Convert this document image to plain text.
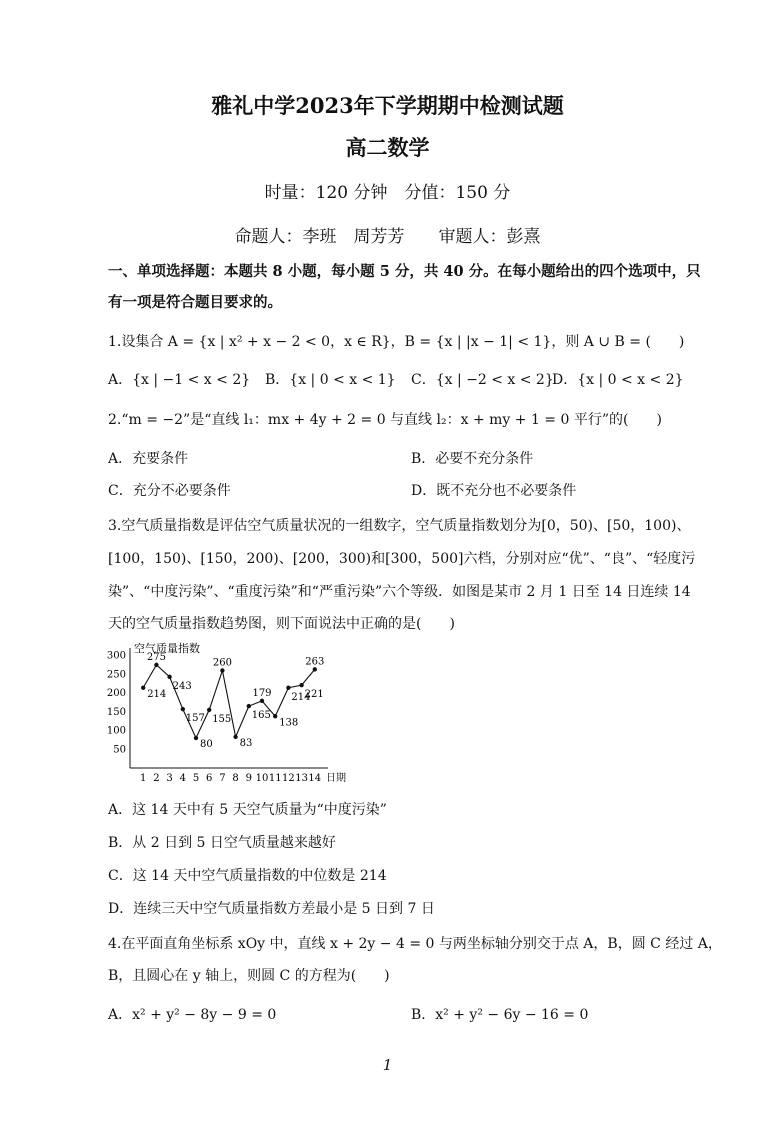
雅礼中学2023年下学期期中检测试题
高二数学
时量：120 分钟　分值：150 分
命题人：李班　周芳芳　　审题人：彭熹
一、单项选择题：本题共 8 小题，每小题 5 分，共 40 分。在每小题给出的四个选项中，只
有一项是符合题目要求的。
1.设集合 A = {x | x² + x − 2 < 0，x ∈ R}，B = {x | |x − 1| < 1}，则 A ∪ B = (　　)
A．{x | −1 < x < 2} B．{x | 0 < x < 1} C．{x | −2 < x < 2}
D．{x | 0 < x < 2}
2.“m = −2”是“直线 l₁：mx + 4y + 2 = 0 与直线 l₂：x + my + 1 = 0 平行”的(　　)
A．充要条件	B．必要不充分条件
C．充分不必要条件	D．既不充分也不必要条件
3.空气质量指数是评估空气质量状况的一组数字，空气质量指数划分为[0，50)、[50，100)、
[100，150)、[150，200)、[200，300)和[300，500]六档，分别对应“优”、“良”、“轻度污
染”、“中度污染”、“重度污染”和“严重污染”六个等级．如图是某市 2 月 1 日至 14 日连续 14
天的空气质量指数趋势图，则下面说法中正确的是(　　)
空气质量指数
50
100
150
200
250
300
1 2 3 4 5 6 7 8 9 10 11 12 13 14 日期
214
275
243
157
80
155
260
83
165
179
138
214
221
263
A．这 14 天中有 5 天空气质量为“中度污染”
B．从 2 日到 5 日空气质量越来越好
C．这 14 天中空气质量指数的中位数是 214
D．连续三天中空气质量指数方差最小是 5 日到 7 日
4.在平面直角坐标系 xOy 中，直线 x + 2y − 4 = 0 与两坐标轴分别交于点 A，B，圆 C 经过 A，
B，且圆心在 y 轴上，则圆 C 的方程为(　　)
A．x² + y² − 8y − 9 = 0	B．x² + y² − 6y − 16 = 0
1
